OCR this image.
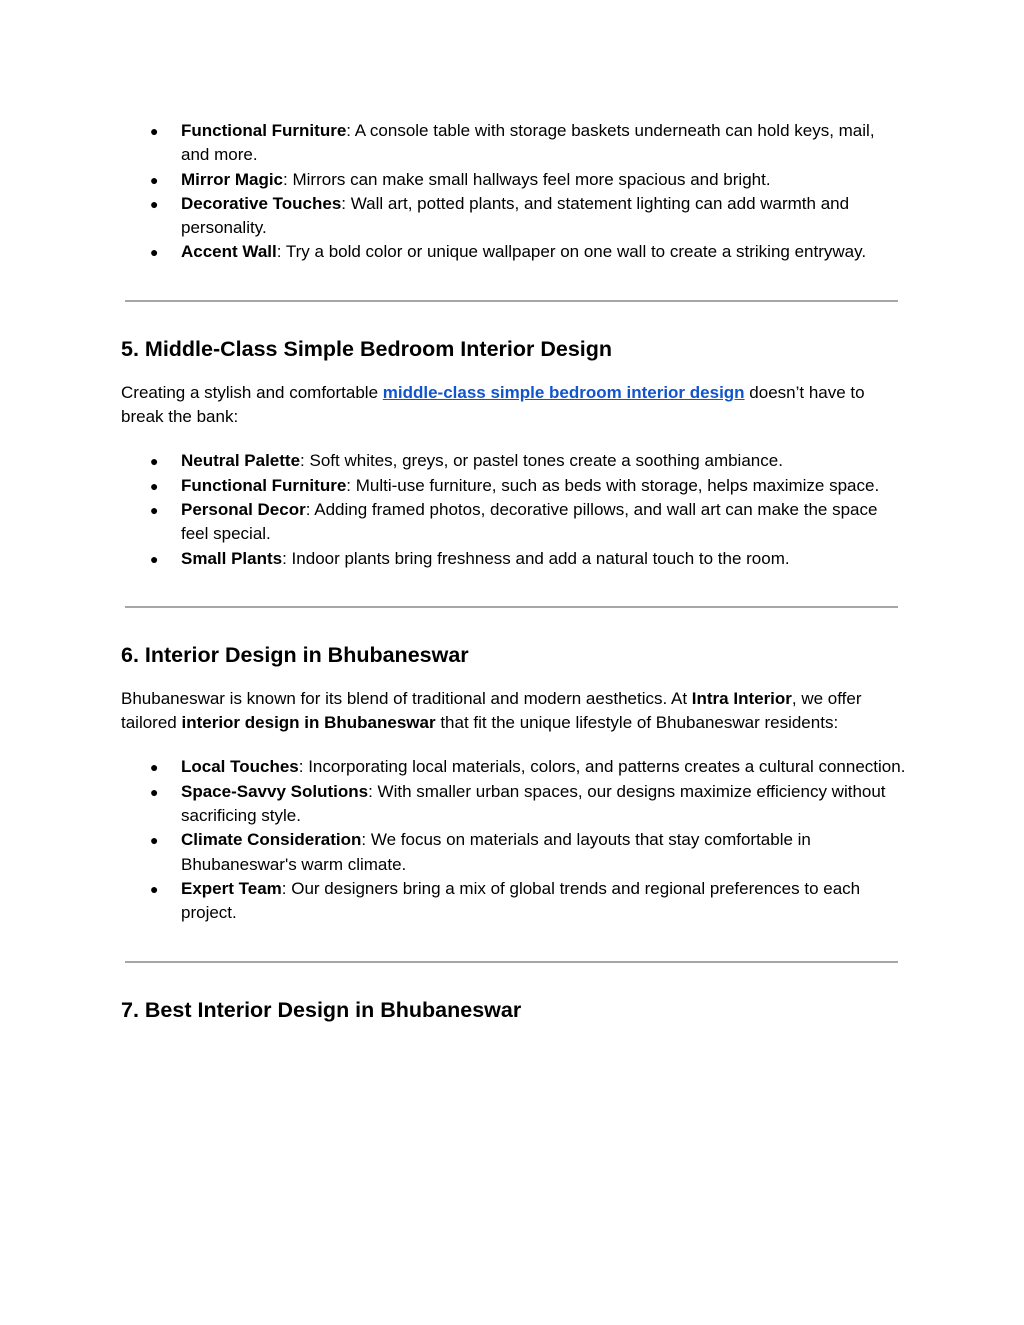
● Functional Furniture: A console table with storage baskets underneath can hold keys, mail, and more.
● Mirror Magic: Mirrors can make small hallways feel more spacious and bright.
● Decorative Touches: Wall art, potted plants, and statement lighting can add warmth and personality.
● Accent Wall: Try a bold color or unique wallpaper on one wall to create a striking entryway.
5. Middle-Class Simple Bedroom Interior Design

Creating a stylish and comfortable middle-class simple bedroom interior design doesn’t have to break the bank:

● Neutral Palette: Soft whites, greys, or pastel tones create a soothing ambiance.
● Functional Furniture: Multi-use furniture, such as beds with storage, helps maximize space.
● Personal Decor: Adding framed photos, decorative pillows, and wall art can make the space feel special.
● Small Plants: Indoor plants bring freshness and add a natural touch to the room.
6. Interior Design in Bhubaneswar

Bhubaneswar is known for its blend of traditional and modern aesthetics. At Intra Interior, we offer tailored interior design in Bhubaneswar that fit the unique lifestyle of Bhubaneswar residents:

● Local Touches: Incorporating local materials, colors, and patterns creates a cultural connection.
● Space-Savvy Solutions: With smaller urban spaces, our designs maximize efficiency without sacrificing style.
● Climate Consideration: We focus on materials and layouts that stay comfortable in Bhubaneswar's warm climate.
● Expert Team: Our designers bring a mix of global trends and regional preferences to each project.
7. Best Interior Design in Bhubaneswar
